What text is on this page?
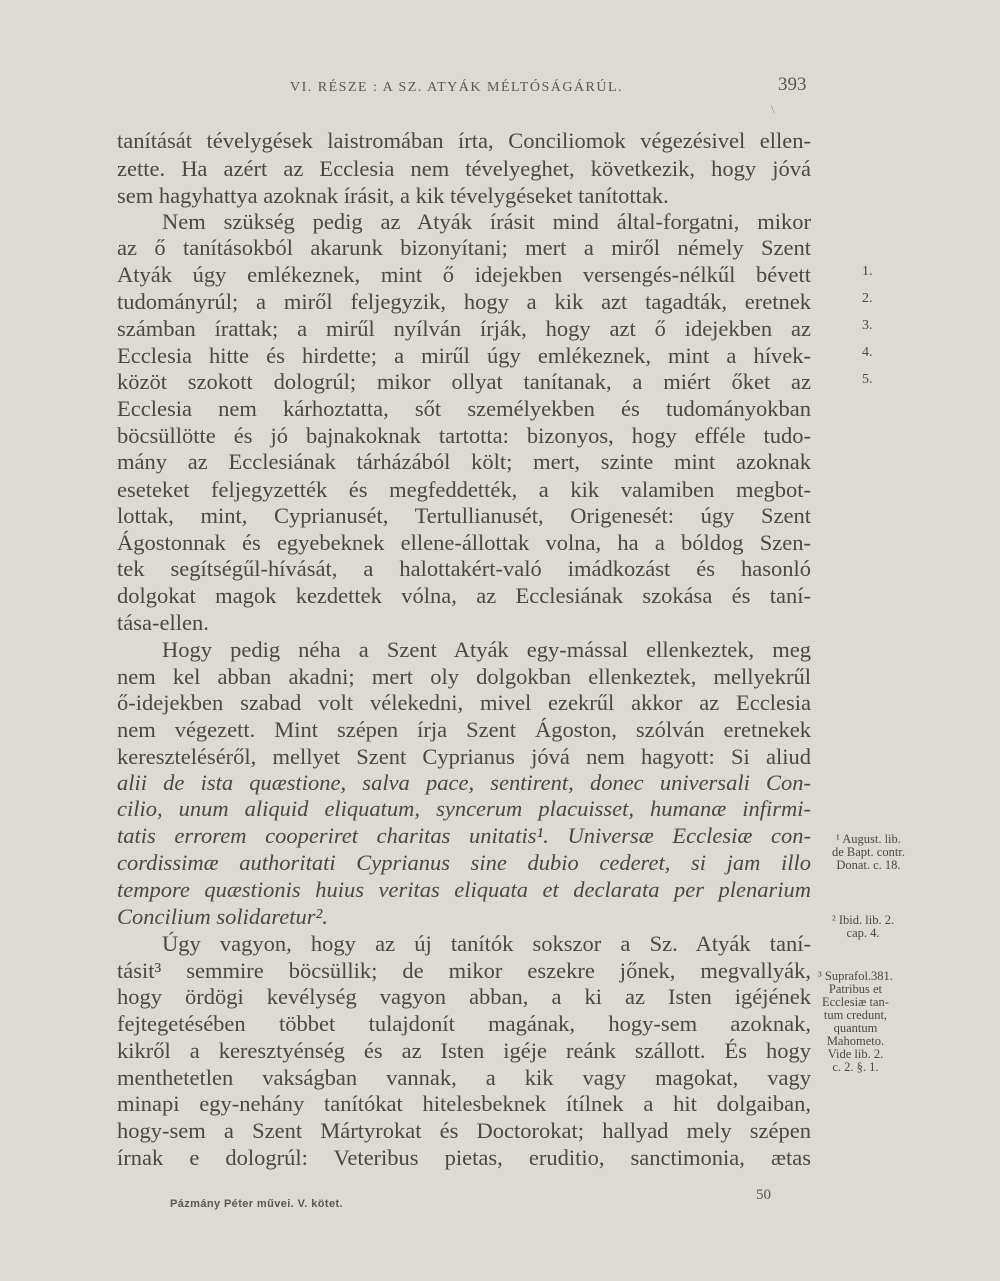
VI. RÉSZE : A SZ. ATYÁK MÉLTÓSÁGÁRÚL.	393
\
tanítását tévelygések laistromában írta, Conciliomok végezésivel ellen-
zette. Ha azért az Ecclesia nem tévelyeghet, következik, hogy jóvá
sem hagyhattya azoknak írásit, a kik tévelygéseket tanítottak.
Nem szükség pedig az Atyák írásit mind által-forgatni, mikor
az ő tanításokból akarunk bizonyítani; mert a miről némely Szent
Atyák úgy emlékeznek, mint ő idejekben versengés-nélkűl bévett
tudományrúl; a miről feljegyzik, hogy a kik azt tagadták, eretnek
számban írattak; a mirűl nyílván írják, hogy azt ő idejekben az
Ecclesia hitte és hirdette; a mirűl úgy emlékeznek, mint a hívek-
közöt szokott dologrúl; mikor ollyat tanítanak, a miért őket az
Ecclesia nem kárhoztatta, sőt személyekben és tudományokban
böcsüllötte és jó bajnakoknak tartotta: bizonyos, hogy efféle tudo-
mány az Ecclesiának tárházából költ; mert, szinte mint azoknak
eseteket feljegyzették és megfeddették, a kik valamiben megbot-
lottak, mint, Cyprianusét, Tertullianusét, Origenesét: úgy Szent
Ágostonnak és egyebeknek ellene-állottak volna, ha a bóldog Szen-
tek segítségűl-hívását, a halottakért-való imádkozást és hasonló
dolgokat magok kezdettek vólna, az Ecclesiának szokása és taní-
tása-ellen.
Hogy pedig néha a Szent Atyák egy-mással ellenkeztek, meg
nem kel abban akadni; mert oly dolgokban ellenkeztek, mellyekrűl
ő-idejekben szabad volt vélekedni, mivel ezekrűl akkor az Ecclesia
nem végezett. Mint szépen írja Szent Ágoston, szólván eretnekek
kereszteléséről, mellyet Szent Cyprianus jóvá nem hagyott: Si aliud
alii de ista quæstione, salva pace, sentirent, donec universali Con-
cilio, unum aliquid eliquatum, syncerum placuisset, humanæ infirmi-
tatis errorem cooperiret charitas unitatis¹. Universæ Ecclesiæ con-
cordissimæ authoritati Cyprianus sine dubio cederet, si jam illo
tempore quæstionis huius veritas eliquata et declarata per plenarium
Concilium solidaretur².
Úgy vagyon, hogy az új tanítók sokszor a Sz. Atyák taní-
tásit³ semmire böcsüllik; de mikor eszekre jőnek, megvallyák,
hogy ördögi kevélység vagyon abban, a ki az Isten igéjének
fejtegetésében többet tulajdonít magának, hogy-sem azoknak,
kikről a keresztyénség és az Isten igéje reánk szállott. És hogy
menthetetlen vakságban vannak, a kik vagy magokat, vagy
minapi egy-nehány tanítókat hitelesbeknek ítílnek a hit dolgaiban,
hogy-sem a Szent Mártyrokat és Doctorokat; hallyad mely szépen
írnak e dologrúl: Veteribus pietas, eruditio, sanctimonia, ætas
1.
2.
3.
4.
5.
¹ August. lib.
de Bapt. contr.
Donat. c. 18.
² Ibid. lib. 2.
cap. 4.
³ Suprafol.381.
Patribus et
Ecclesiæ tan-
tum credunt,
quantum
Mahometo.
Vide lib. 2.
c. 2. §. 1.
Pázmány Péter művei. V. kötet.
50
